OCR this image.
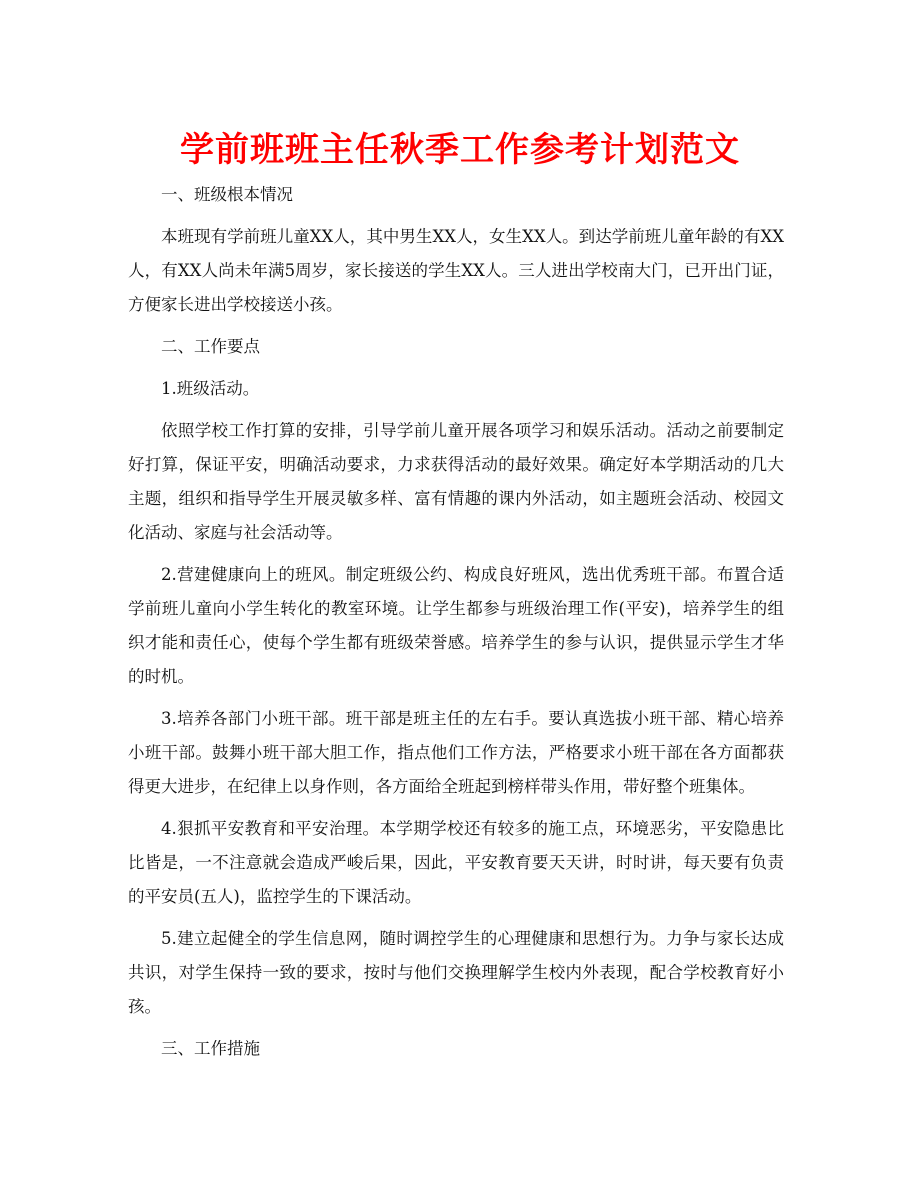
学前班班主任秋季工作参考计划范文

一、班级根本情况

本班现有学前班儿童XX人，其中男生XX人，女生XX人。到达学前班儿童年龄的有XX人，有XX人尚未年满5周岁，家长接送的学生XX人。三人进出学校南大门，已开出门证，方便家长进出学校接送小孩。

二、工作要点

1.班级活动。

依照学校工作打算的安排，引导学前儿童开展各项学习和娱乐活动。活动之前要制定好打算，保证平安，明确活动要求，力求获得活动的最好效果。确定好本学期活动的几大主题，组织和指导学生开展灵敏多样、富有情趣的课内外活动，如主题班会活动、校园文化活动、家庭与社会活动等。

2.营建健康向上的班风。制定班级公约、构成良好班风，选出优秀班干部。布置合适学前班儿童向小学生转化的教室环境。让学生都参与班级治理工作(平安)，培养学生的组织才能和责任心，使每个学生都有班级荣誉感。培养学生的参与认识，提供显示学生才华的时机。

3.培养各部门小班干部。班干部是班主任的左右手。要认真选拔小班干部、精心培养小班干部。鼓舞小班干部大胆工作，指点他们工作方法，严格要求小班干部在各方面都获得更大进步，在纪律上以身作则，各方面给全班起到榜样带头作用，带好整个班集体。

4.狠抓平安教育和平安治理。本学期学校还有较多的施工点，环境恶劣，平安隐患比比皆是，一不注意就会造成严峻后果，因此，平安教育要天天讲，时时讲，每天要有负责的平安员(五人)，监控学生的下课活动。

5.建立起健全的学生信息网，随时调控学生的心理健康和思想行为。力争与家长达成共识，对学生保持一致的要求，按时与他们交换理解学生校内外表现，配合学校教育好小孩。

三、工作措施
